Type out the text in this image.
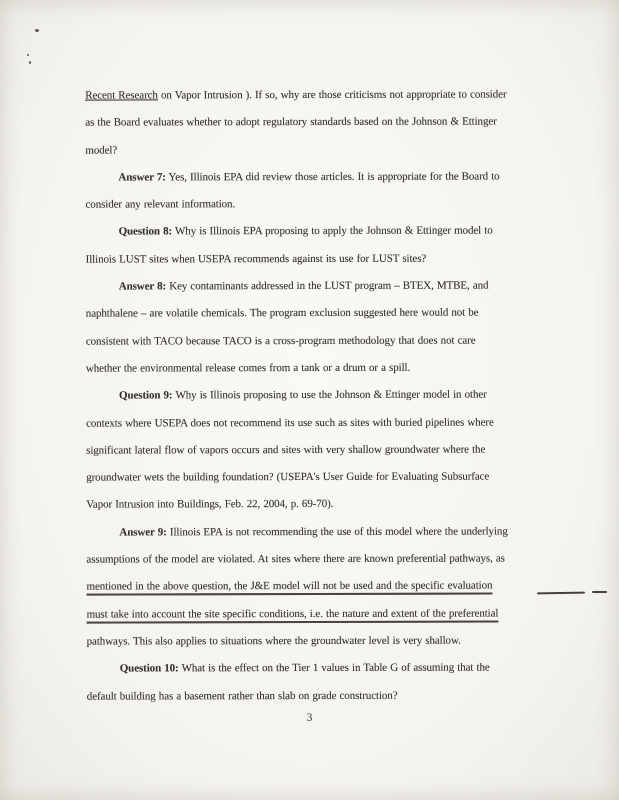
Recent Research on Vapor Intrusion ). If so, why are those criticisms not appropriate to consider
as the Board evaluates whether to adopt regulatory standards based on the Johnson & Ettinger
model?
Answer 7: Yes, Illinois EPA did review those articles. It is appropriate for the Board to
consider any relevant information.
Question 8: Why is Illinois EPA proposing to apply the Johnson & Ettinger model to
Illinois LUST sites when USEPA recommends against its use for LUST sites?
Answer 8: Key contaminants addressed in the LUST program – BTEX, MTBE, and
naphthalene – are volatile chemicals. The program exclusion suggested here would not be
consistent with TACO because TACO is a cross-program methodology that does not care
whether the environmental release comes from a tank or a drum or a spill.
Question 9: Why is Illinois proposing to use the Johnson & Ettinger model in other
contexts where USEPA does not recommend its use such as sites with buried pipelines where
significant lateral flow of vapors occurs and sites with very shallow groundwater where the
groundwater wets the building foundation? (USEPA's User Guide for Evaluating Subsurface
Vapor Intrusion into Buildings, Feb. 22, 2004, p. 69-70).
Answer 9: Illinois EPA is not recommending the use of this model where the underlying
assumptions of the model are violated. At sites where there are known preferential pathways, as
mentioned in the above question, the J&E model will not be used and the specific evaluation
must take into account the site specific conditions, i.e. the nature and extent of the preferential
pathways. This also applies to situations where the groundwater level is very shallow.
Question 10: What is the effect on the Tier 1 values in Table G of assuming that the
default building has a basement rather than slab on grade construction?
3
